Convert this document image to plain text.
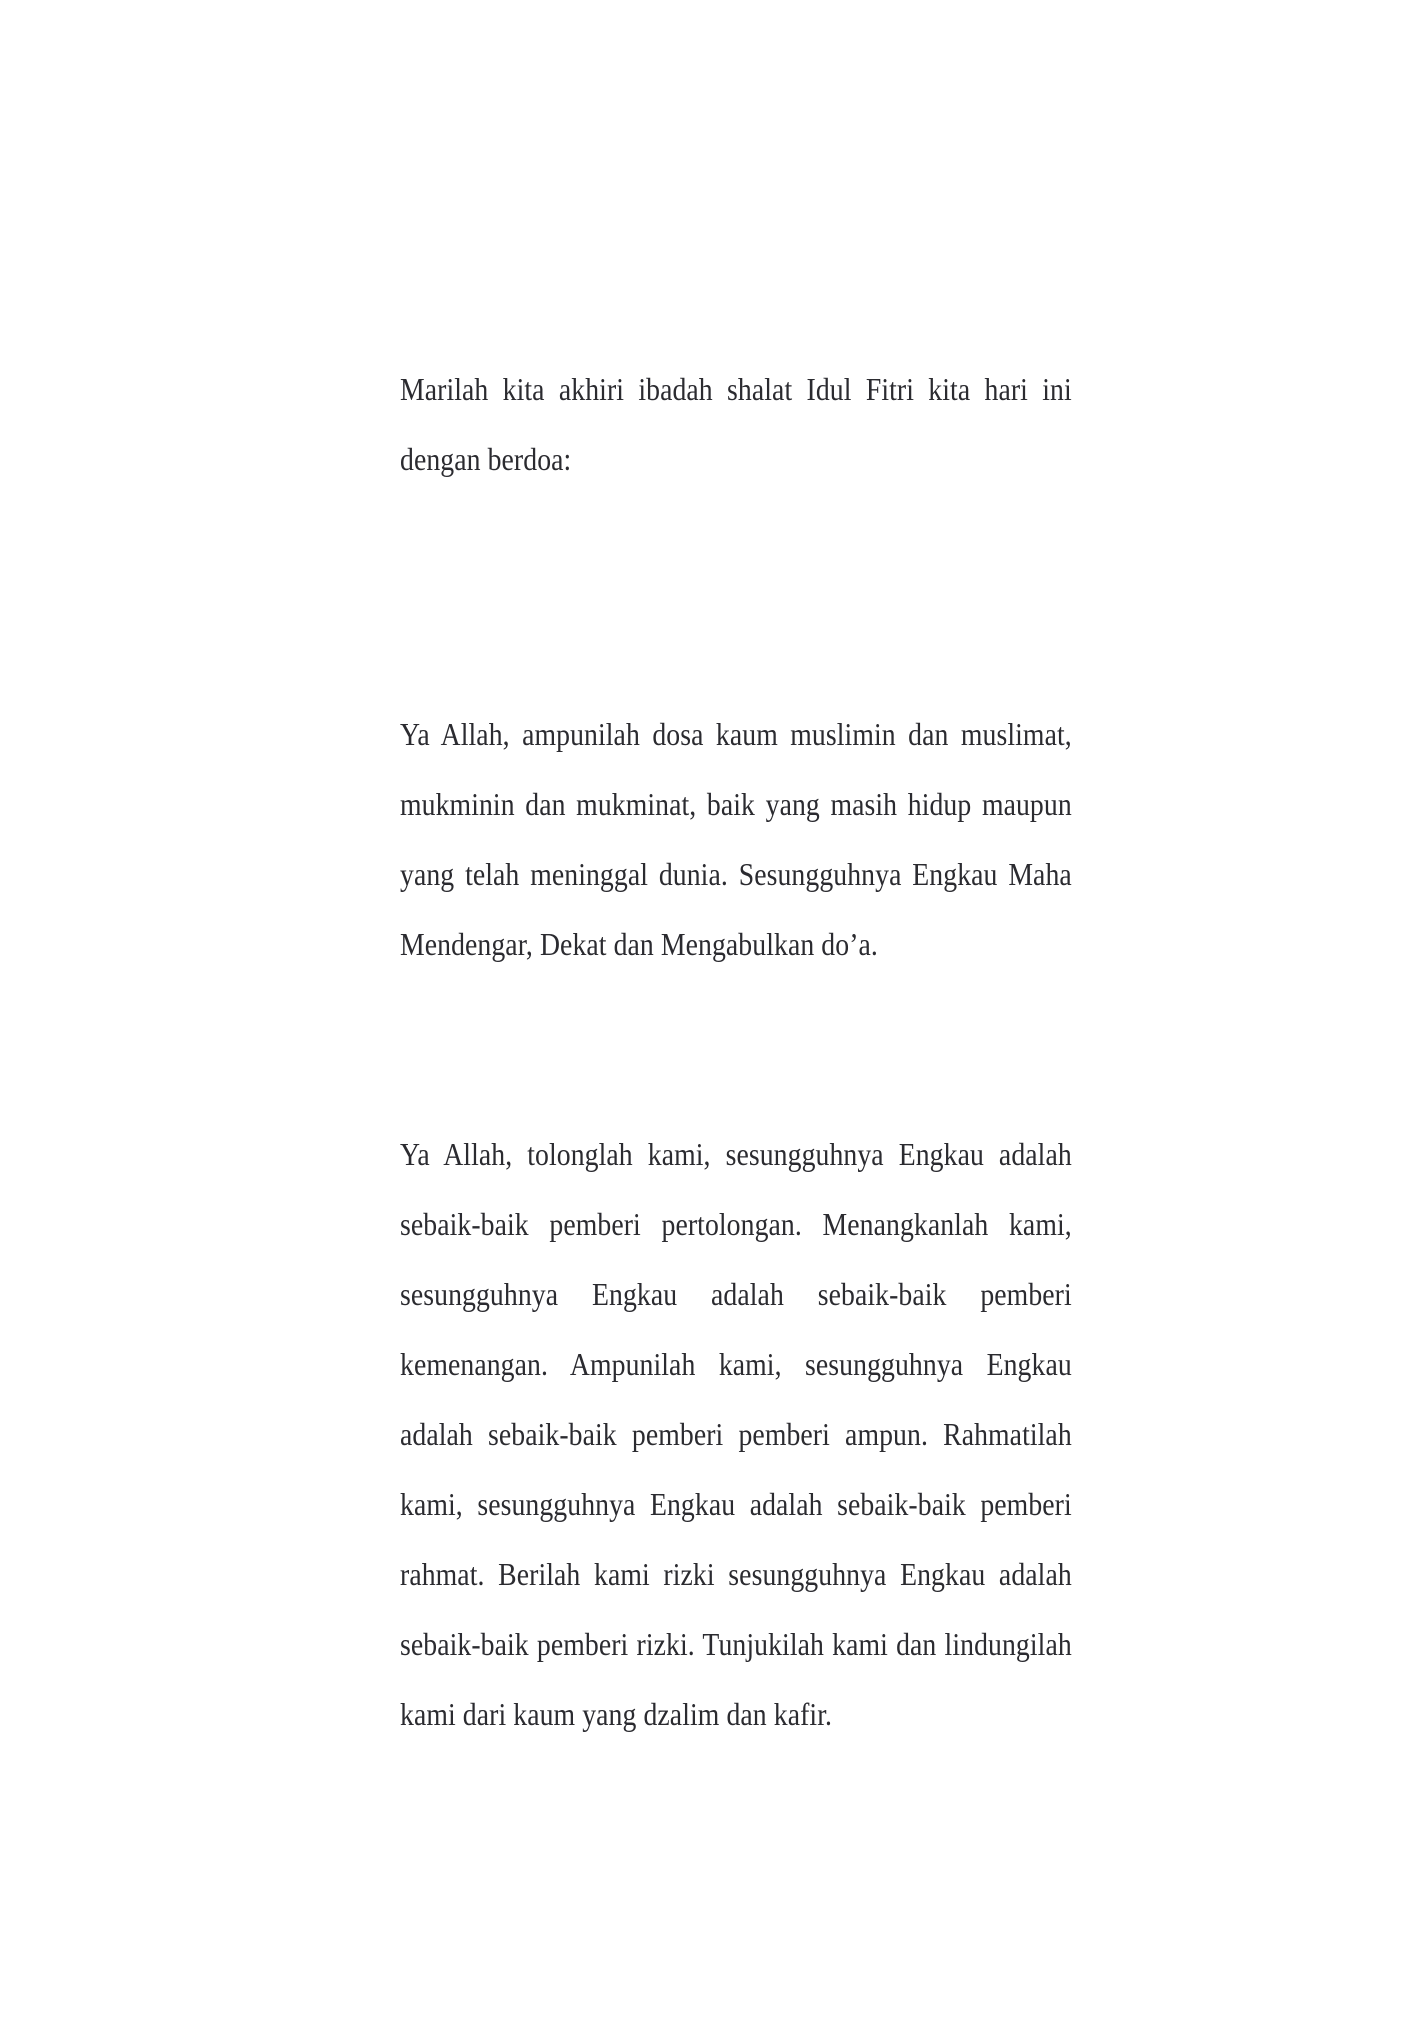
Marilah kita akhiri ibadah shalat Idul Fitri kita hari ini dengan berdoa:

Ya Allah, ampunilah dosa kaum muslimin dan muslimat, mukminin dan mukminat, baik yang masih hidup maupun yang telah meninggal dunia. Sesungguhnya Engkau Maha Mendengar, Dekat dan Mengabulkan do’a.

Ya Allah, tolonglah kami, sesungguhnya Engkau adalah sebaik-baik pemberi pertolongan. Menangkanlah kami, sesungguhnya Engkau adalah sebaik-baik pemberi kemenangan. Ampunilah kami, sesungguhnya Engkau adalah sebaik-baik pemberi pemberi ampun. Rahmatilah kami, sesungguhnya Engkau adalah sebaik-baik pemberi rahmat. Berilah kami rizki sesungguhnya Engkau adalah sebaik-baik pemberi rizki. Tunjukilah kami dan lindungilah kami dari kaum yang dzalim dan kafir.
